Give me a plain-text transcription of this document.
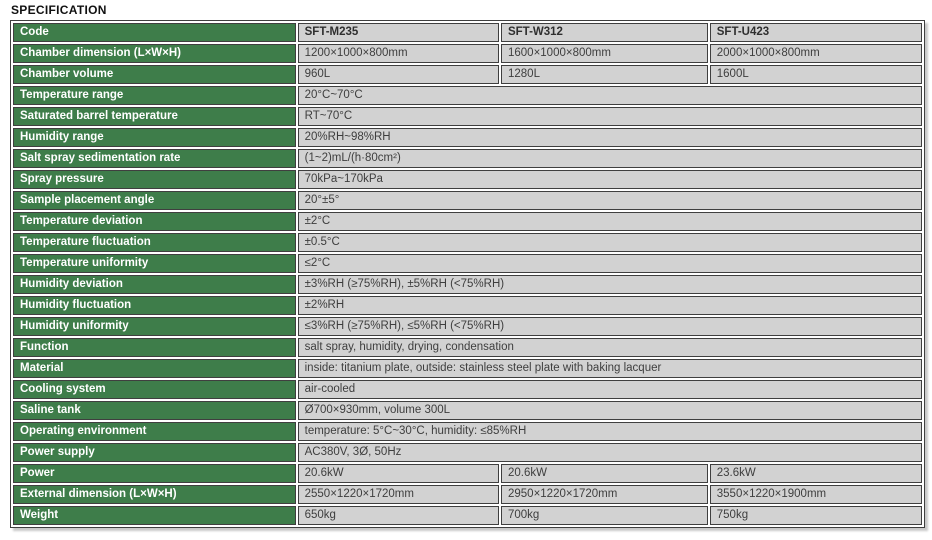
SPECIFICATION
Code	SFT-M235	SFT-W312	SFT-U423
Chamber dimension (L×W×H)	1200×1000×800mm	1600×1000×800mm	2000×1000×800mm
Chamber volume	960L	1280L	1600L
Temperature range	20°C~70°C		
Saturated barrel temperature	RT~70°C		
Humidity range	20%RH~98%RH		
Salt spray sedimentation rate	(1~2)mL/(h·80cm²)		
Spray pressure	70kPa~170kPa		
Sample placement angle	20°±5°		
Temperature deviation	±2°C		
Temperature fluctuation	±0.5°C		
Temperature uniformity	≤2°C		
Humidity deviation	±3%RH (≥75%RH), ±5%RH (<75%RH)		
Humidity fluctuation	±2%RH		
Humidity uniformity	≤3%RH (≥75%RH), ≤5%RH (<75%RH)		
Function	salt spray, humidity, drying, condensation		
Material	inside: titanium plate, outside: stainless steel plate with baking lacquer		
Cooling system	air-cooled		
Saline tank	Ø700×930mm, volume 300L		
Operating environment	temperature: 5°C~30°C, humidity: ≤85%RH		
Power supply	AC380V, 3Ø, 50Hz		
Power	20.6kW	20.6kW	23.6kW
External dimension (L×W×H)	2550×1220×1720mm	2950×1220×1720mm	3550×1220×1900mm
Weight	650kg	700kg	750kg
